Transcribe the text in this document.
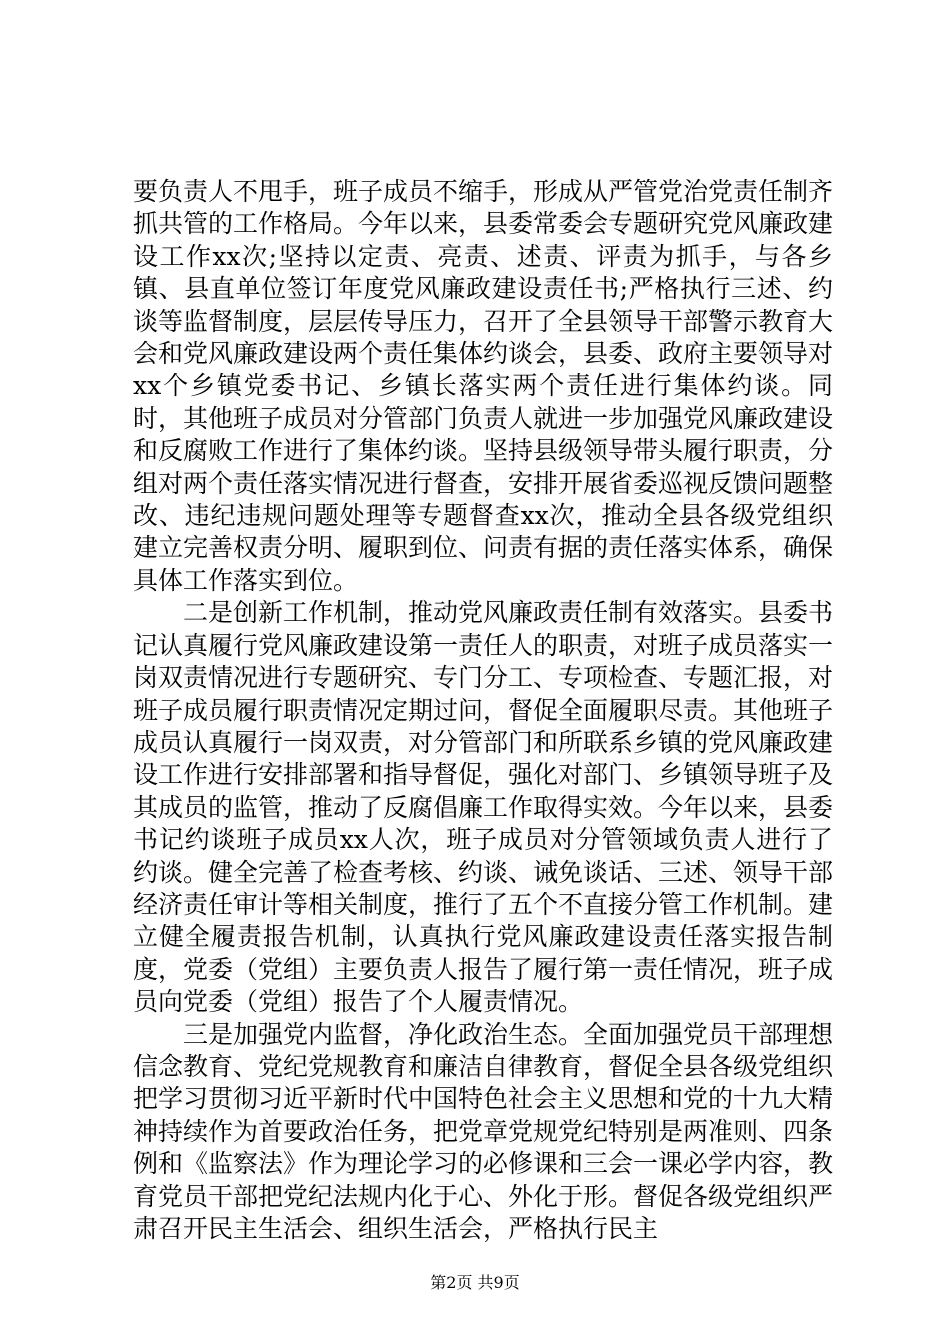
要负责人不甩手，班子成员不缩手，形成从严管党治党责任制齐抓共管的工作格局。今年以来，县委常委会专题研究党风廉政建设工作xx次;坚持以定责、亮责、述责、评责为抓手，与各乡镇、县直单位签订年度党风廉政建设责任书;严格执行三述、约谈等监督制度，层层传导压力，召开了全县领导干部警示教育大会和党风廉政建设两个责任集体约谈会，县委、政府主要领导对xx个乡镇党委书记、乡镇长落实两个责任进行集体约谈。同时，其他班子成员对分管部门负责人就进一步加强党风廉政建设和反腐败工作进行了集体约谈。坚持县级领导带头履行职责，分组对两个责任落实情况进行督查，安排开展省委巡视反馈问题整改、违纪违规问题处理等专题督查xx次，推动全县各级党组织建立完善权责分明、履职到位、问责有据的责任落实体系，确保具体工作落实到位。

二是创新工作机制，推动党风廉政责任制有效落实。县委书记认真履行党风廉政建设第一责任人的职责，对班子成员落实一岗双责情况进行专题研究、专门分工、专项检查、专题汇报，对班子成员履行职责情况定期过问，督促全面履职尽责。其他班子成员认真履行一岗双责，对分管部门和所联系乡镇的党风廉政建设工作进行安排部署和指导督促，强化对部门、乡镇领导班子及其成员的监管，推动了反腐倡廉工作取得实效。今年以来，县委书记约谈班子成员xx人次，班子成员对分管领域负责人进行了约谈。健全完善了检查考核、约谈、诫免谈话、三述、领导干部经济责任审计等相关制度，推行了五个不直接分管工作机制。建立健全履责报告机制，认真执行党风廉政建设责任落实报告制度，党委（党组）主要负责人报告了履行第一责任情况，班子成员向党委（党组）报告了个人履责情况。

三是加强党内监督，净化政治生态。全面加强党员干部理想信念教育、党纪党规教育和廉洁自律教育，督促全县各级党组织把学习贯彻习近平新时代中国特色社会主义思想和党的十九大精神持续作为首要政治任务，把党章党规党纪特别是两准则、四条例和《监察法》作为理论学习的必修课和三会一课必学内容，教育党员干部把党纪法规内化于心、外化于形。督促各级党组织严肃召开民主生活会、组织生活会，严格执行民主

第2页 共9页
